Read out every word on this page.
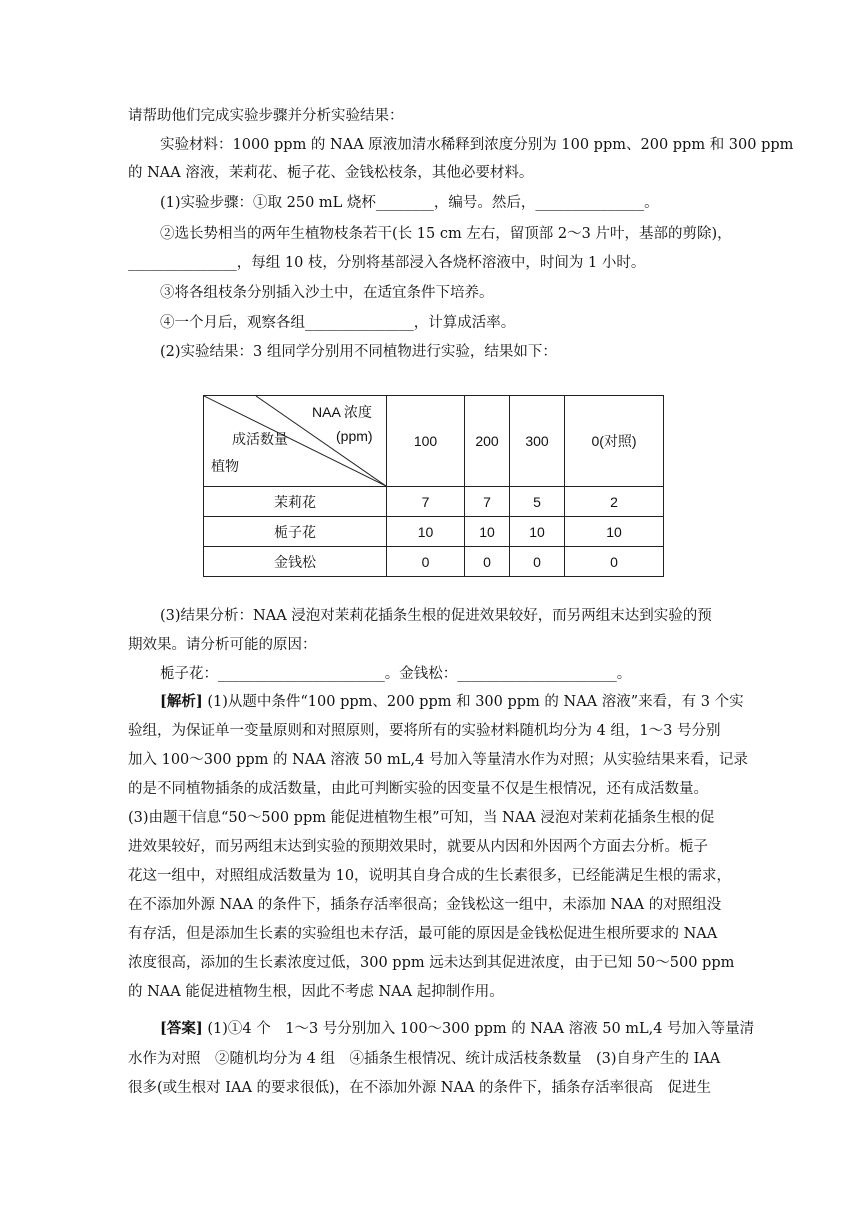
请帮助他们完成实验步骤并分析实验结果：
实验材料：1000 ppm 的 NAA 原液加清水稀释到浓度分别为 100 ppm、200 ppm 和 300 ppm
的 NAA 溶液，茉莉花、栀子花、金钱松枝条，其他必要材料。
(1)实验步骤：①取 250 mL 烧杯________，编号。然后，_______________。
②选长势相当的两年生植物枝条若干(长 15 cm 左右，留顶部 2～3 片叶，基部的剪除)，
_______________，每组 10 枝，分别将基部浸入各烧杯溶液中，时间为 1 小时。
③将各组枝条分别插入沙土中，在适宜条件下培养。
④一个月后，观察各组_______________，计算成活率。
(2)实验结果：3 组同学分别用不同植物进行实验，结果如下：
NAA 浓度
(ppm)
成活数量
植物	100	200	300	0(对照)
茉莉花	7	7	5	2
栀子花	10	10	10	10
金钱松	0	0	0	0
(3)结果分析：NAA 浸泡对茉莉花插条生根的促进效果较好，而另两组末达到实验的预
期效果。请分析可能的原因：
栀子花：_______________________。金钱松：______________________。
[解析] (1)从题中条件“100 ppm、200 ppm 和 300 ppm 的 NAA 溶液”来看，有 3 个实
验组，为保证单一变量原则和对照原则，要将所有的实验材料随机均分为 4 组，1～3 号分别
加入 100～300 ppm 的 NAA 溶液 50 mL,4 号加入等量清水作为对照；从实验结果来看，记录
的是不同植物插条的成活数量，由此可判断实验的因变量不仅是生根情况，还有成活数量。
(3)由题干信息“50～500 ppm 能促进植物生根”可知，当 NAA 浸泡对茉莉花插条生根的促
进效果较好，而另两组末达到实验的预期效果时，就要从内因和外因两个方面去分析。栀子
花这一组中，对照组成活数量为 10，说明其自身合成的生长素很多，已经能满足生根的需求，
在不添加外源 NAA 的条件下，插条存活率很高；金钱松这一组中，未添加 NAA 的对照组没
有存活，但是添加生长素的实验组也未存活，最可能的原因是金钱松促进生根所要求的 NAA
浓度很高，添加的生长素浓度过低，300 ppm 远未达到其促进浓度，由于已知 50～500 ppm
的 NAA 能促进植物生根，因此不考虑 NAA 起抑制作用。
[答案] (1)①4 个　1～3 号分别加入 100～300 ppm 的 NAA 溶液 50 mL,4 号加入等量清
水作为对照　②随机均分为 4 组　④插条生根情况、统计成活枝条数量　(3)自身产生的 IAA
很多(或生根对 IAA 的要求很低)，在不添加外源 NAA 的条件下，插条存活率很高　促进生
